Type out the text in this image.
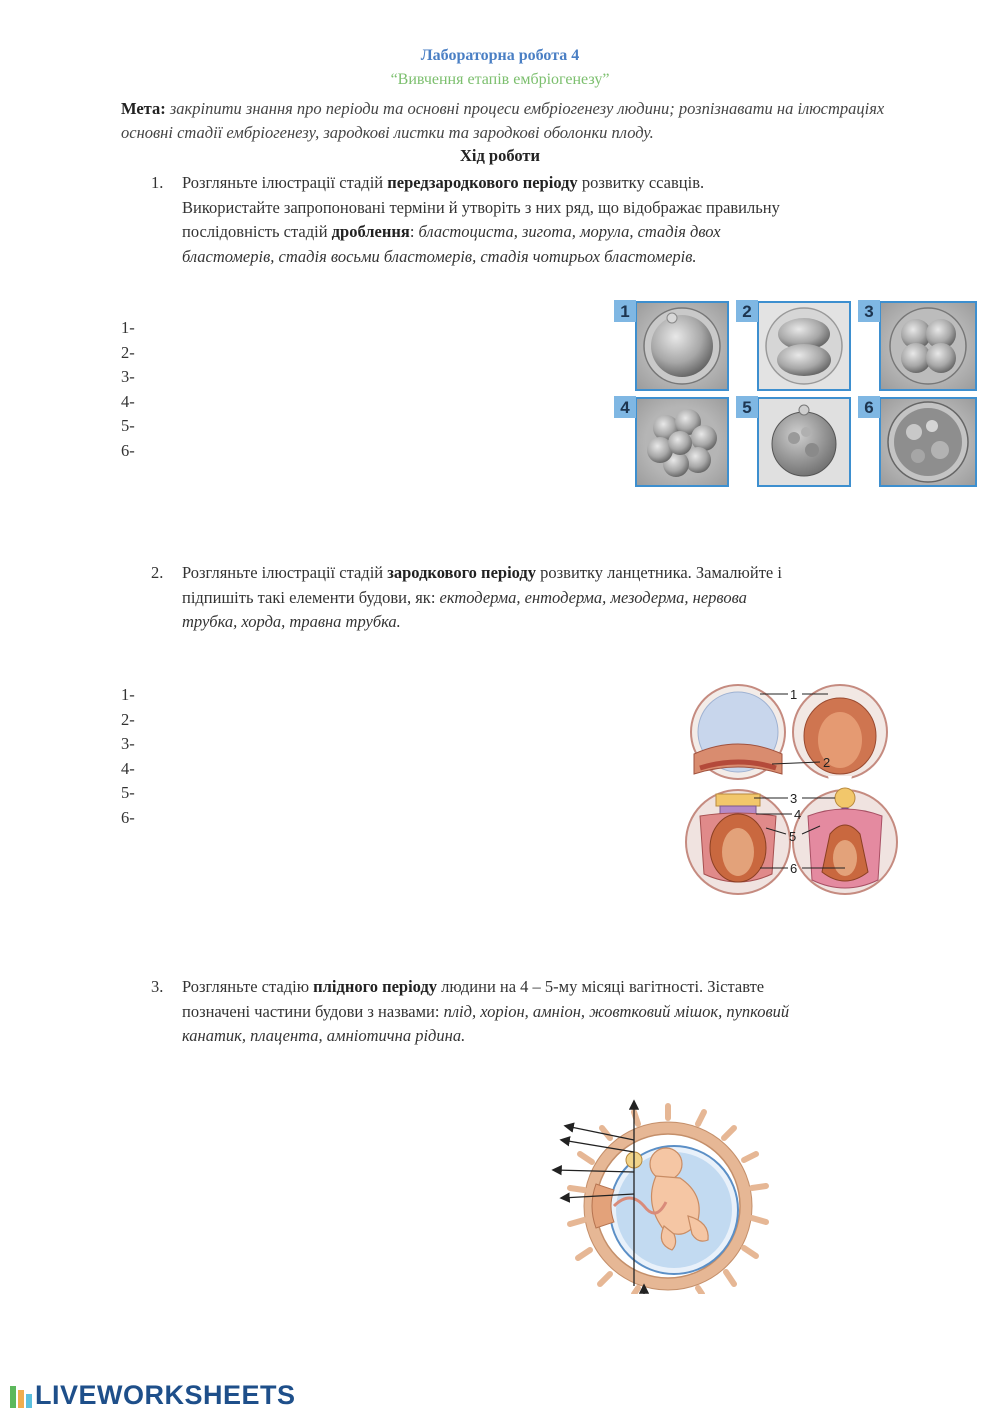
Лабораторна робота 4
“Вивчення етапів ембріогенезу”
Мета: закріпити знання про періоди та основні процеси ембріогенезу людини; розпізнавати на ілюстраціях основні стадії ембріогенезу, зародкові листки та зародкові оболонки плоду.
Хід роботи
1. Розгляньте ілюстрації стадій передзародкового періоду розвитку ссавців.
Використайте запропоновані терміни й утворіть з них ряд, що відображає правильну
послідовність стадій дроблення: бластоциста, зигота, морула, стадія двох
бластомерів, стадія восьми бластомерів, стадія чотирьох бластомерів.
1-
2-
3-
4-
5-
6-
1	2	3
4	5	6
2. Розгляньте ілюстрації стадій зародкового періоду розвитку ланцетника. Замалюйте і
підпишіть такі елементи будови, як: ектодерма, ентодерма, мезодерма, нервова
трубка, хорда, травна трубка.
1-
2-
3-
4-
5-
6-
1
2
3
4
5
6
3. Розгляньте стадію плідного періоду людини на 4 – 5-му місяці вагітності. Зіставте
позначені частини будови з назвами: плід, хоріон, амніон, жовтковий мішок, пупковий
канатик, плацента, амніотична рідина.
LIVEWORKSHEETS
